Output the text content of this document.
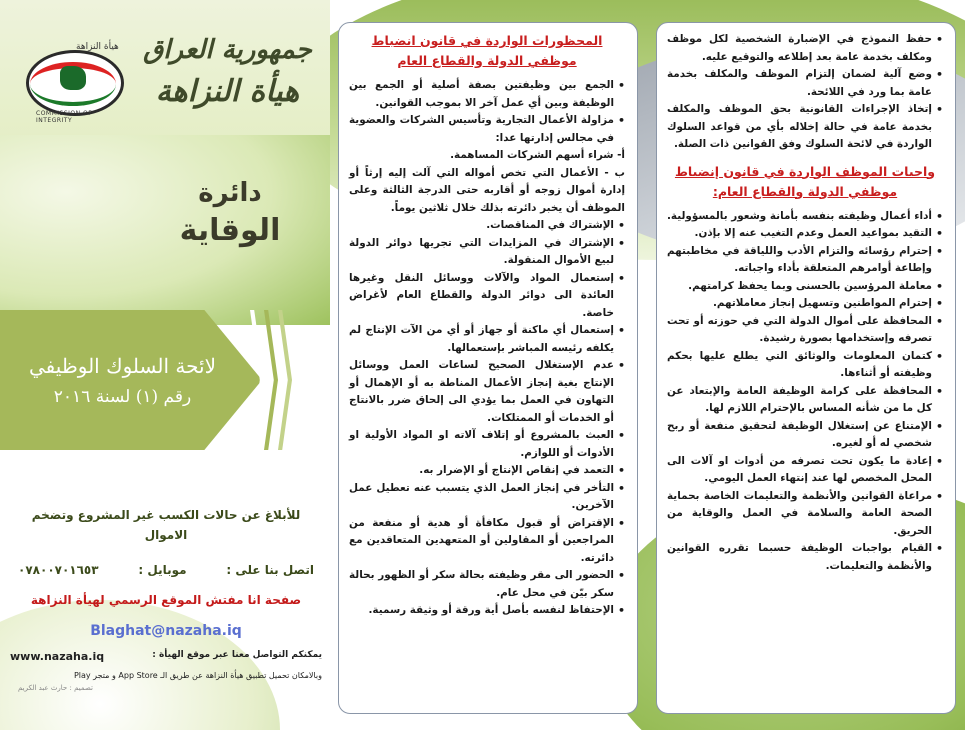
هيأة النزاهة
COMMISSION OF INTEGRITY
جمهورية العراق
هيأة النزاهة
دائرة
الوقاية
لائحة السلوك الوظيفي
رقم (١) لسنة ٢٠١٦
للأبلاغ عن حالات الكسب غير المشروع وتضخم الاموال
اتصل بنا على :
موبايل :
٠٧٨٠٠٧٠١٦٥٣
صفحة انا مفتش الموقع الرسمي لهيأة النزاهة
Blaghat@nazaha.iq
يمكنكم التواصل معنا عبر موقع الهيأة :
www.nazaha.iq
وبالامكان تحميل تطبيق هيأة النزاهة عن طريق الـ App Store و متجر Play
تصميم : حارث عبد الكريم
المحظورات الواردة في قانون انضباط موظفي الدولة والقطاع العام
• الجمع بين وظيفتين بصفة أصلية أو الجمع بين الوظيفة وبين أي عمل آخر الا بموجب القوانين.
• مزاولة الأعمال التجارية وتأسيس الشركات والعضوية في مجالس إدارتها عدا:
أ- شراء أسهم الشركات المساهمة.
ب - الأعمال التي تخص أمواله التي آلت إليه إرثاً أو إدارة أموال زوجه أو أقاربه حتى الدرجة الثالثة وعلى الموظف أن يخبر دائرته بذلك خلال ثلاثين يوماً.
• الإشتراك في المناقصات.
• الإشتراك في المزايدات التي تجريها دوائر الدولة لبيع الأموال المنقولة.
• إستعمال المواد والآلات ووسائل النقل وغيرها العائدة الى دوائر الدولة والقطاع العام لأغراض خاصة.
• إستعمال أي ماكنة أو جهاز أو أي من الآت الإنتاج لم يكلفه رئيسه المباشر بإستعمالها.
• عدم الإستغلال الصحيح لساعات العمل ووسائل الإنتاج بغية إنجاز الأعمال المناطة به أو الإهمال أو التهاون في العمل بما يؤدي الى إلحاق ضرر بالانتاج أو الخدمات أو الممتلكات.
• العبث بالمشروع أو إتلاف آلاته او المواد الأولية او الأدوات أو اللوازم.
• التعمد في إنقاص الإنتاج أو الإضرار به.
• التأخر في إنجاز العمل الذي يتسبب عنه تعطيل عمل الآخرين.
• الإقتراض أو قبول مكافأة أو هدية أو منفعة من المراجعين أو المقاولين أو المتعهدين المتعاقدين مع دائرته.
• الحضور الى مقر وظيفته بحالة سكر أو الظهور بحالة سكر بيّن في محل عام.
• الإحتفاظ لنفسه بأصل أية ورقة أو وثيقة رسمية.
• حفظ النموذج في الإضبارة الشخصية لكل موظف ومكلف بخدمة عامة بعد إطلاعه والتوقيع عليه.
• وضع آلية لضمان إلتزام الموظف والمكلف بخدمة عامة بما ورد في اللائحة.
• إتخاذ الإجراءات القانونية بحق الموظف والمكلف بخدمة عامة في حالة إخلاله بأي من قواعد السلوك الواردة في لائحة السلوك وفق القوانين ذات الصلة.
واجبات الموظف الواردة في قانون إنضباط موظفي الدولة والقطاع العام:
• أداء أعمال وظيفته بنفسه بأمانة وشعور بالمسؤولية.
• التقيد بمواعيد العمل وعدم التغيب عنه إلا بإذن.
• إحترام رؤسائه والتزام الأدب واللياقة في مخاطبتهم وإطاعة أوامرهم المتعلقة بأداء واجباته.
• معاملة المرؤسين بالحسنى وبما يحفظ كرامتهم.
• إحترام المواطنين وتسهيل إنجاز معاملاتهم.
• المحافظة على أموال الدولة التي في حوزته أو تحت تصرفه وإستخدامها بصورة رشيدة.
• كتمان المعلومات والوثائق التي يطلع عليها بحكم وظيفته أو أثناءها.
• المحافظة على كرامة الوظيفة العامة والإبتعاد عن كل ما من شأنه المساس بالإحترام اللازم لها.
• الإمتناع عن إستغلال الوظيفة لتحقيق منفعة أو ربح شخصي له أو لغيره.
• إعادة ما يكون تحت تصرفه من أدوات او آلات الى المحل المخصص لها عند إنتهاء العمل اليومي.
• مراعاة القوانين والأنظمة والتعليمات الخاصة بحماية الصحة العامة والسلامة في العمل والوقاية من الحريق.
• القيام بواجبات الوظيفة حسبما تقرره القوانين والأنظمة والتعليمات.
